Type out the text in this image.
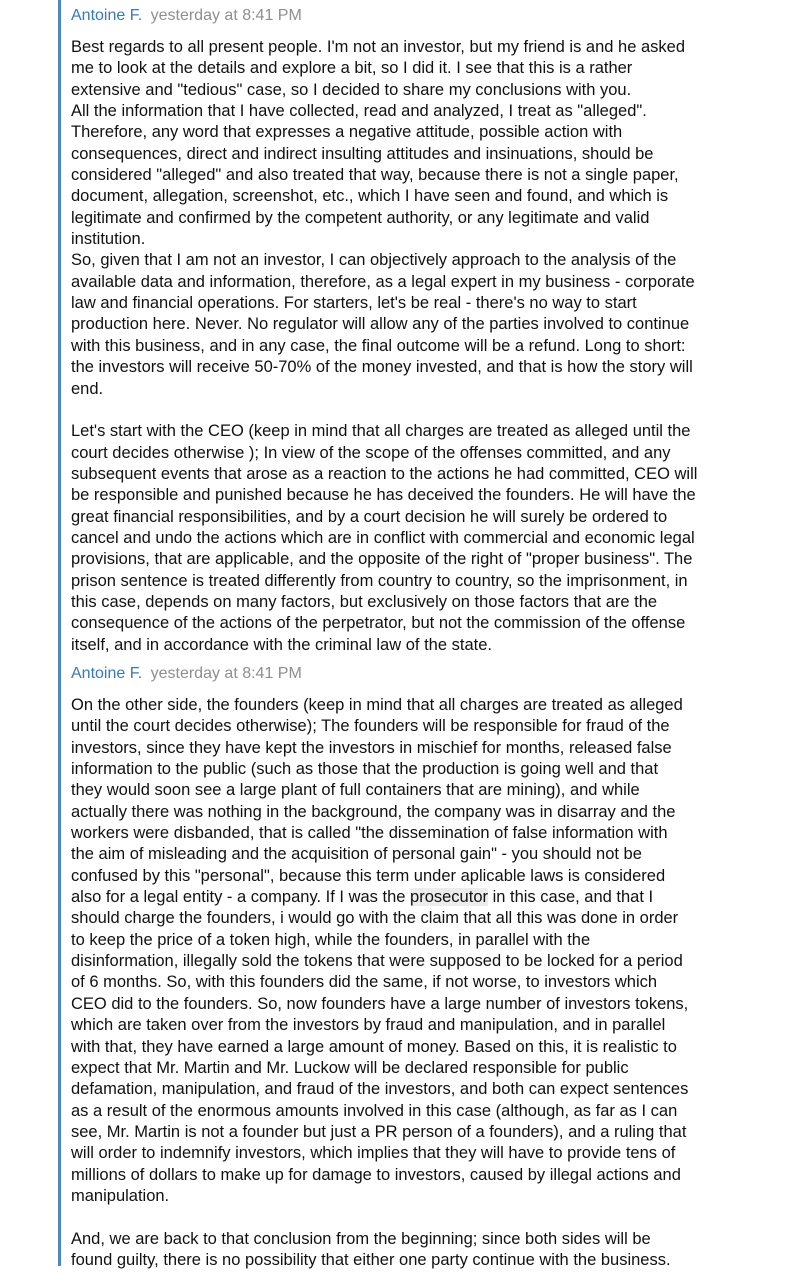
Antoine F. yesterday at 8:41 PM
Best regards to all present people. I'm not an investor, but my friend is and he asked
me to look at the details and explore a bit, so I did it. I see that this is a rather
extensive and "tedious" case, so I decided to share my conclusions with you.
All the information that I have collected, read and analyzed, I treat as "alleged".
Therefore, any word that expresses a negative attitude, possible action with
consequences, direct and indirect insulting attitudes and insinuations, should be
considered "alleged" and also treated that way, because there is not a single paper,
document, allegation, screenshot, etc., which I have seen and found, and which is
legitimate and confirmed by the competent authority, or any legitimate and valid
institution.
So, given that I am not an investor, I can objectively approach to the analysis of the
available data and information, therefore, as a legal expert in my business - corporate
law and financial operations. For starters, let's be real - there's no way to start
production here. Never. No regulator will allow any of the parties involved to continue
with this business, and in any case, the final outcome will be a refund. Long to short:
the investors will receive 50-70% of the money invested, and that is how the story will
end.
Let's start with the CEO (keep in mind that all charges are treated as alleged until the
court decides otherwise ); In view of the scope of the offenses committed, and any
subsequent events that arose as a reaction to the actions he had committed, CEO will
be responsible and punished because he has deceived the founders. He will have the
great financial responsibilities, and by a court decision he will surely be ordered to
cancel and undo the actions which are in conflict with commercial and economic legal
provisions, that are applicable, and the opposite of the right of "proper business". The
prison sentence is treated differently from country to country, so the imprisonment, in
this case, depends on many factors, but exclusively on those factors that are the
consequence of the actions of the perpetrator, but not the commission of the offense
itself, and in accordance with the criminal law of the state.
Antoine F. yesterday at 8:41 PM
On the other side, the founders (keep in mind that all charges are treated as alleged
until the court decides otherwise); The founders will be responsible for fraud of the
investors, since they have kept the investors in mischief for months, released false
information to the public (such as those that the production is going well and that
they would soon see a large plant of full containers that are mining), and while
actually there was nothing in the background, the company was in disarray and the
workers were disbanded, that is called "the dissemination of false information with
the aim of misleading and the acquisition of personal gain" - you should not be
confused by this "personal", because this term under aplicable laws is considered
also for a legal entity - a company. If I was the prosecutor in this case, and that I
should charge the founders, i would go with the claim that all this was done in order
to keep the price of a token high, while the founders, in parallel with the
disinformation, illegally sold the tokens that were supposed to be locked for a period
of 6 months. So, with this founders did the same, if not worse, to investors which
CEO did to the founders. So, now founders have a large number of investors tokens,
which are taken over from the investors by fraud and manipulation, and in parallel
with that, they have earned a large amount of money. Based on this, it is realistic to
expect that Mr. Martin and Mr. Luckow will be declared responsible for public
defamation, manipulation, and fraud of the investors, and both can expect sentences
as a result of the enormous amounts involved in this case (although, as far as I can
see, Mr. Martin is not a founder but just a PR person of a founders), and a ruling that
will order to indemnify investors, which implies that they will have to provide tens of
millions of dollars to make up for damage to investors, caused by illegal actions and
manipulation.
And, we are back to that conclusion from the beginning; since both sides will be
found guilty, there is no possibility that either one party continue with the business.
